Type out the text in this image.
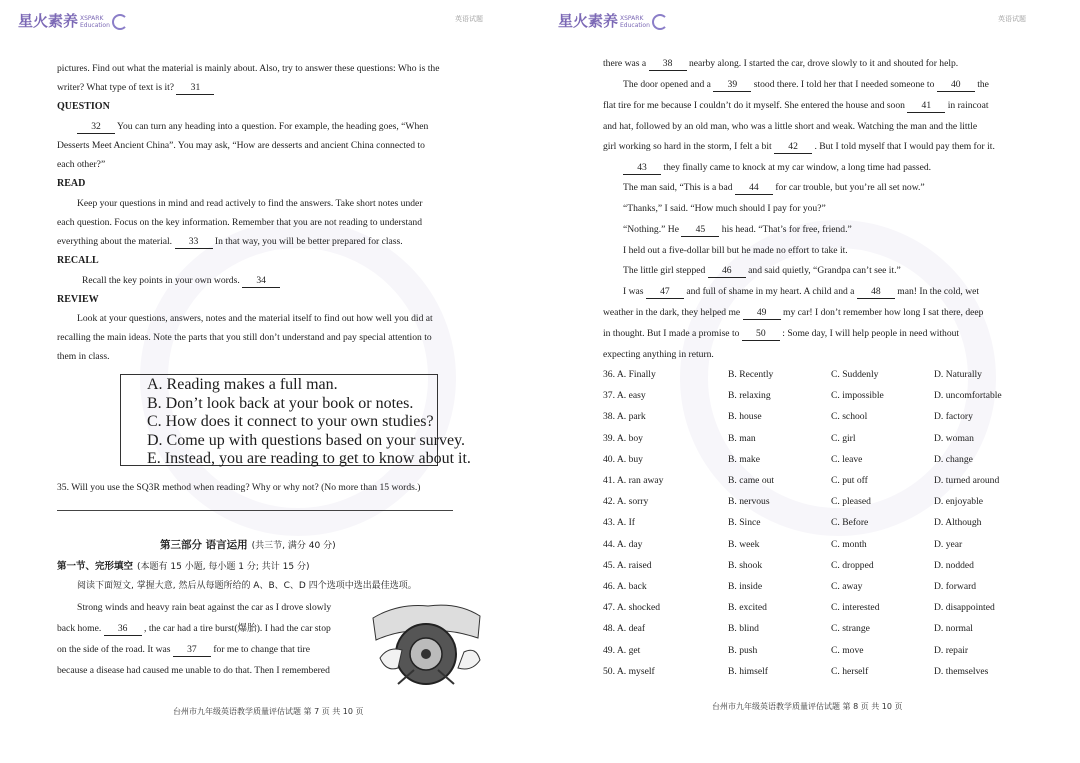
星火素养 XSPARK
Education
英语试题
pictures. Find out what the material is mainly about. Also, try to answer these questions: Who is the
writer? What type of text is it? 31
QUESTION
32 You can turn any heading into a question. For example, the heading goes, “When
Desserts Meet Ancient China”. You may ask, “How are desserts and ancient China connected to
each other?”
READ
Keep your questions in mind and read actively to find the answers. Take short notes under
each question. Focus on the key information. Remember that you are not reading to understand
everything about the material. 33 In that way, you will be better prepared for class.
RECALL
Recall the key points in your own words. 34
REVIEW
Look at your questions, answers, notes and the material itself to find out how well you did at
recalling the main ideas. Note the parts that you still don’t understand and pay special attention to
them in class.
A. Reading makes a full man.
B. Don’t look back at your book or notes.
C. How does it connect to your own studies?
D. Come up with questions based on your survey.
E. Instead, you are reading to get to know about it.
35. Will you use the SQ3R method when reading? Why or why not? (No more than 15 words.)
第三部分 语言运用 (共三节, 满分 40 分)
第一节、完形填空 (本题有 15 小题, 每小题 1 分; 共计 15 分)
阅读下面短文, 掌握大意, 然后从每题所给的 A、B、C、D 四个选项中选出最佳选项。
Strong winds and heavy rain beat against the car as I drove slowly
back home. 36 , the car had a tire burst(爆胎). I had the car stop
on the side of the road. It was 37 for me to change that tire
because a disease had caused me unable to do that. Then I remembered
台州市九年级英语教学质量评估试题 第 7 页 共 10 页
星火素养 XSPARK
Education
英语试题
台州市九年级英语教学质量评估试题 第 8 页 共 10 页
there was a 38 nearby along. I started the car, drove slowly to it and shouted for help.
The door opened and a 39 stood there. I told her that I needed someone to 40 the
flat tire for me because I couldn’t do it myself. She entered the house and soon 41 in raincoat
and hat, followed by an old man, who was a little short and weak. Watching the man and the little
girl working so hard in the storm, I felt a bit 42 . But I told myself that I would pay them for it.
43 they finally came to knock at my car window, a long time had passed.
The man said, “This is a bad 44 for car trouble, but you’re all set now.”
“Thanks,” I said. “How much should I pay for you?”
“Nothing.” He 45 his head. “That’s for free, friend.”
I held out a five-dollar bill but he made no effort to take it.
The little girl stepped 46 and said quietly, “Grandpa can’t see it.”
I was 47 and full of shame in my heart. A child and a 48 man! In the cold, wet
weather in the dark, they helped me 49 my car! I don’t remember how long I sat there, deep
in thought. But I made a promise to 50 : Some day, I will help people in need without
expecting anything in return.
36. A. Finally	B. Recently	C. Suddenly	D. Naturally
37. A. easy	B. relaxing	C. impossible	D. uncomfortable
38. A. park	B. house	C. school	D. factory
39. A. boy	B. man	C. girl	D. woman
40. A. buy	B. make	C. leave	D. change
41. A. ran away	B. came out	C. put off	D. turned around
42. A. sorry	B. nervous	C. pleased	D. enjoyable
43. A. If	B. Since	C. Before	D. Although
44. A. day	B. week	C. month	D. year
45. A. raised	B. shook	C. dropped	D. nodded
46. A. back	B. inside	C. away	D. forward
47. A. shocked	B. excited	C. interested	D. disappointed
48. A. deaf	B. blind	C. strange	D. normal
49. A. get	B. push	C. move	D. repair
50. A. myself	B. himself	C. herself	D. themselves
